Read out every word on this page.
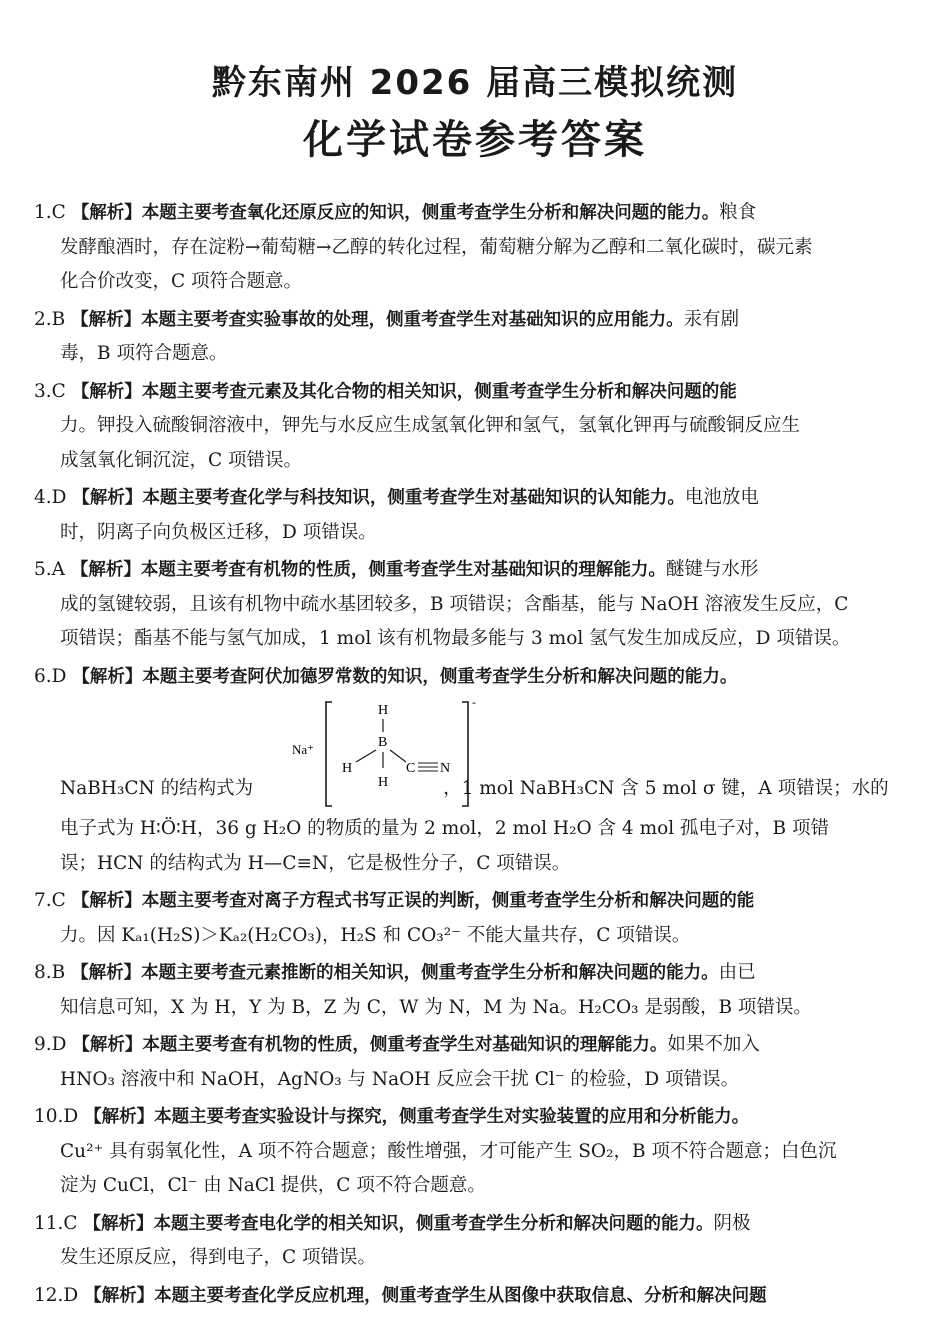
黔东南州 2026 届高三模拟统测
化学试卷参考答案

1.C 【解析】本题主要考查氧化还原反应的知识，侧重考查学生分析和解决问题的能力。粮食

发酵酿酒时，存在淀粉→葡萄糖→乙醇的转化过程，葡萄糖分解为乙醇和二氧化碳时，碳元素

化合价改变，C 项符合题意。

2.B 【解析】本题主要考查实验事故的处理，侧重考查学生对基础知识的应用能力。汞有剧

毒，B 项符合题意。

3.C 【解析】本题主要考查元素及其化合物的相关知识，侧重考查学生分析和解决问题的能

力。钾投入硫酸铜溶液中，钾先与水反应生成氢氧化钾和氢气，氢氧化钾再与硫酸铜反应生

成氢氧化铜沉淀，C 项错误。

4.D 【解析】本题主要考查化学与科技知识，侧重考查学生对基础知识的认知能力。电池放电

时，阴离子向负极区迁移，D 项错误。

5.A 【解析】本题主要考查有机物的性质，侧重考查学生对基础知识的理解能力。醚键与水形

成的氢键较弱，且该有机物中疏水基团较多，B 项错误；含酯基，能与 NaOH 溶液发生反应，C

项错误；酯基不能与氢气加成，1 mol 该有机物最多能与 3 mol 氢气发生加成反应，D 项错误。

6.D 【解析】本题主要考查阿伏加德罗常数的知识，侧重考查学生分析和解决问题的能力。

NaBH₃CN 的结构式为	，1 mol NaBH₃CN 含 5 mol σ 键，A 项错误；水的
Na⁺
-
H
B
H
H
C N

电子式为 H∶Ö∶H，36 g H₂O 的物质的量为 2 mol，2 mol H₂O 含 4 mol 孤电子对，B 项错

误；HCN 的结构式为 H—C≡N，它是极性分子，C 项错误。

7.C 【解析】本题主要考查对离子方程式书写正误的判断，侧重考查学生分析和解决问题的能

力。因 Kₐ₁(H₂S)＞Kₐ₂(H₂CO₃)，H₂S 和 CO₃²⁻ 不能大量共存，C 项错误。

8.B 【解析】本题主要考查元素推断的相关知识，侧重考查学生分析和解决问题的能力。由已

知信息可知，X 为 H，Y 为 B，Z 为 C，W 为 N，M 为 Na。H₂CO₃ 是弱酸，B 项错误。

9.D 【解析】本题主要考查有机物的性质，侧重考查学生对基础知识的理解能力。如果不加入

HNO₃ 溶液中和 NaOH，AgNO₃ 与 NaOH 反应会干扰 Cl⁻ 的检验，D 项错误。

10.D 【解析】本题主要考查实验设计与探究，侧重考查学生对实验装置的应用和分析能力。

Cu²⁺ 具有弱氧化性，A 项不符合题意；酸性增强，才可能产生 SO₂，B 项不符合题意；白色沉

淀为 CuCl，Cl⁻ 由 NaCl 提供，C 项不符合题意。

11.C 【解析】本题主要考查电化学的相关知识，侧重考查学生分析和解决问题的能力。阴极

发生还原反应，得到电子，C 项错误。

12.D 【解析】本题主要考查化学反应机理，侧重考查学生从图像中获取信息、分析和解决问题
